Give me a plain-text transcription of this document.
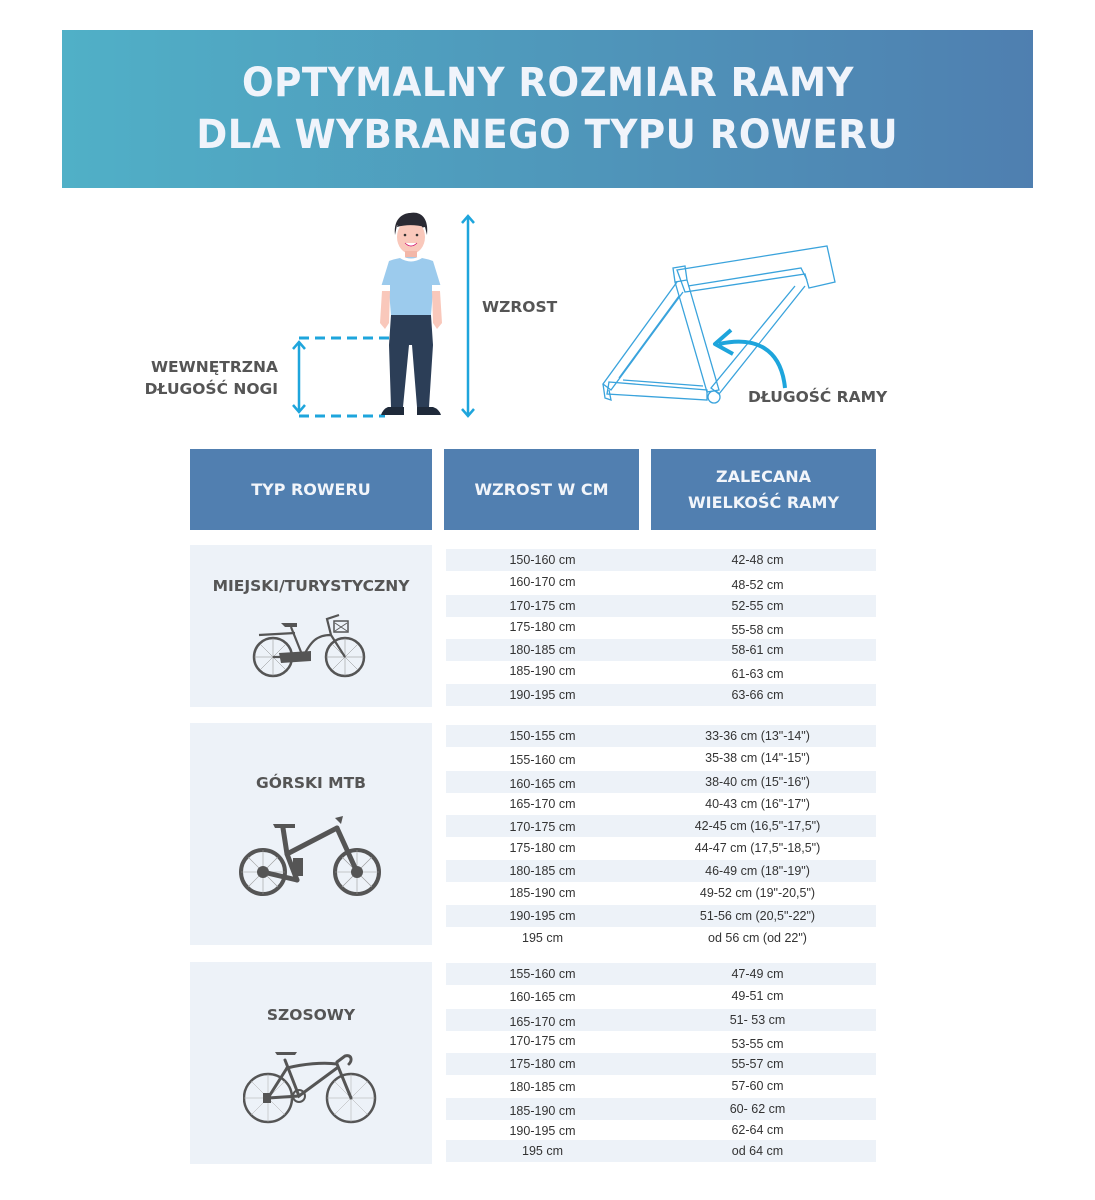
OPTYMALNY ROZMIAR RAMY
DLA WYBRANEGO TYPU ROWERU
WZROST
WEWNĘTRZNA
DŁUGOŚĆ NOGI	DŁUGOŚĆ RAMY
TYP ROWERU	WZROST W CM
ZALECANA
WIELKOŚĆ RAMY
MIEJSKI/TURYSTYCZNY
150-160 cm	42-48 cm
160-170 cm	48-52 cm
170-175 cm	52-55 cm
175-180 cm	55-58 cm
180-185 cm	58-61 cm
185-190 cm	61-63 cm
190-195 cm	63-66 cm
GÓRSKI MTB
150-155 cm	33-36 cm (13"-14")
155-160 cm	35-38 cm (14"-15")
160-165 cm	38-40 cm (15"-16")
165-170 cm	40-43 cm (16"-17")
170-175 cm	42-45 cm (16,5"-17,5")
175-180 cm	44-47 cm (17,5"-18,5")
180-185 cm	46-49 cm (18"-19")
185-190 cm	49-52 cm (19"-20,5")
190-195 cm	51-56 cm (20,5"-22")
195 cm	od 56 cm (od 22")
SZOSOWY
155-160 cm	47-49 cm
160-165 cm	49-51 cm
165-170 cm	51- 53 cm
170-175 cm	53-55 cm
175-180 cm	55-57 cm
180-185 cm	57-60 cm
185-190 cm	60- 62 cm
190-195 cm	62-64 cm
195 cm	od 64 cm
